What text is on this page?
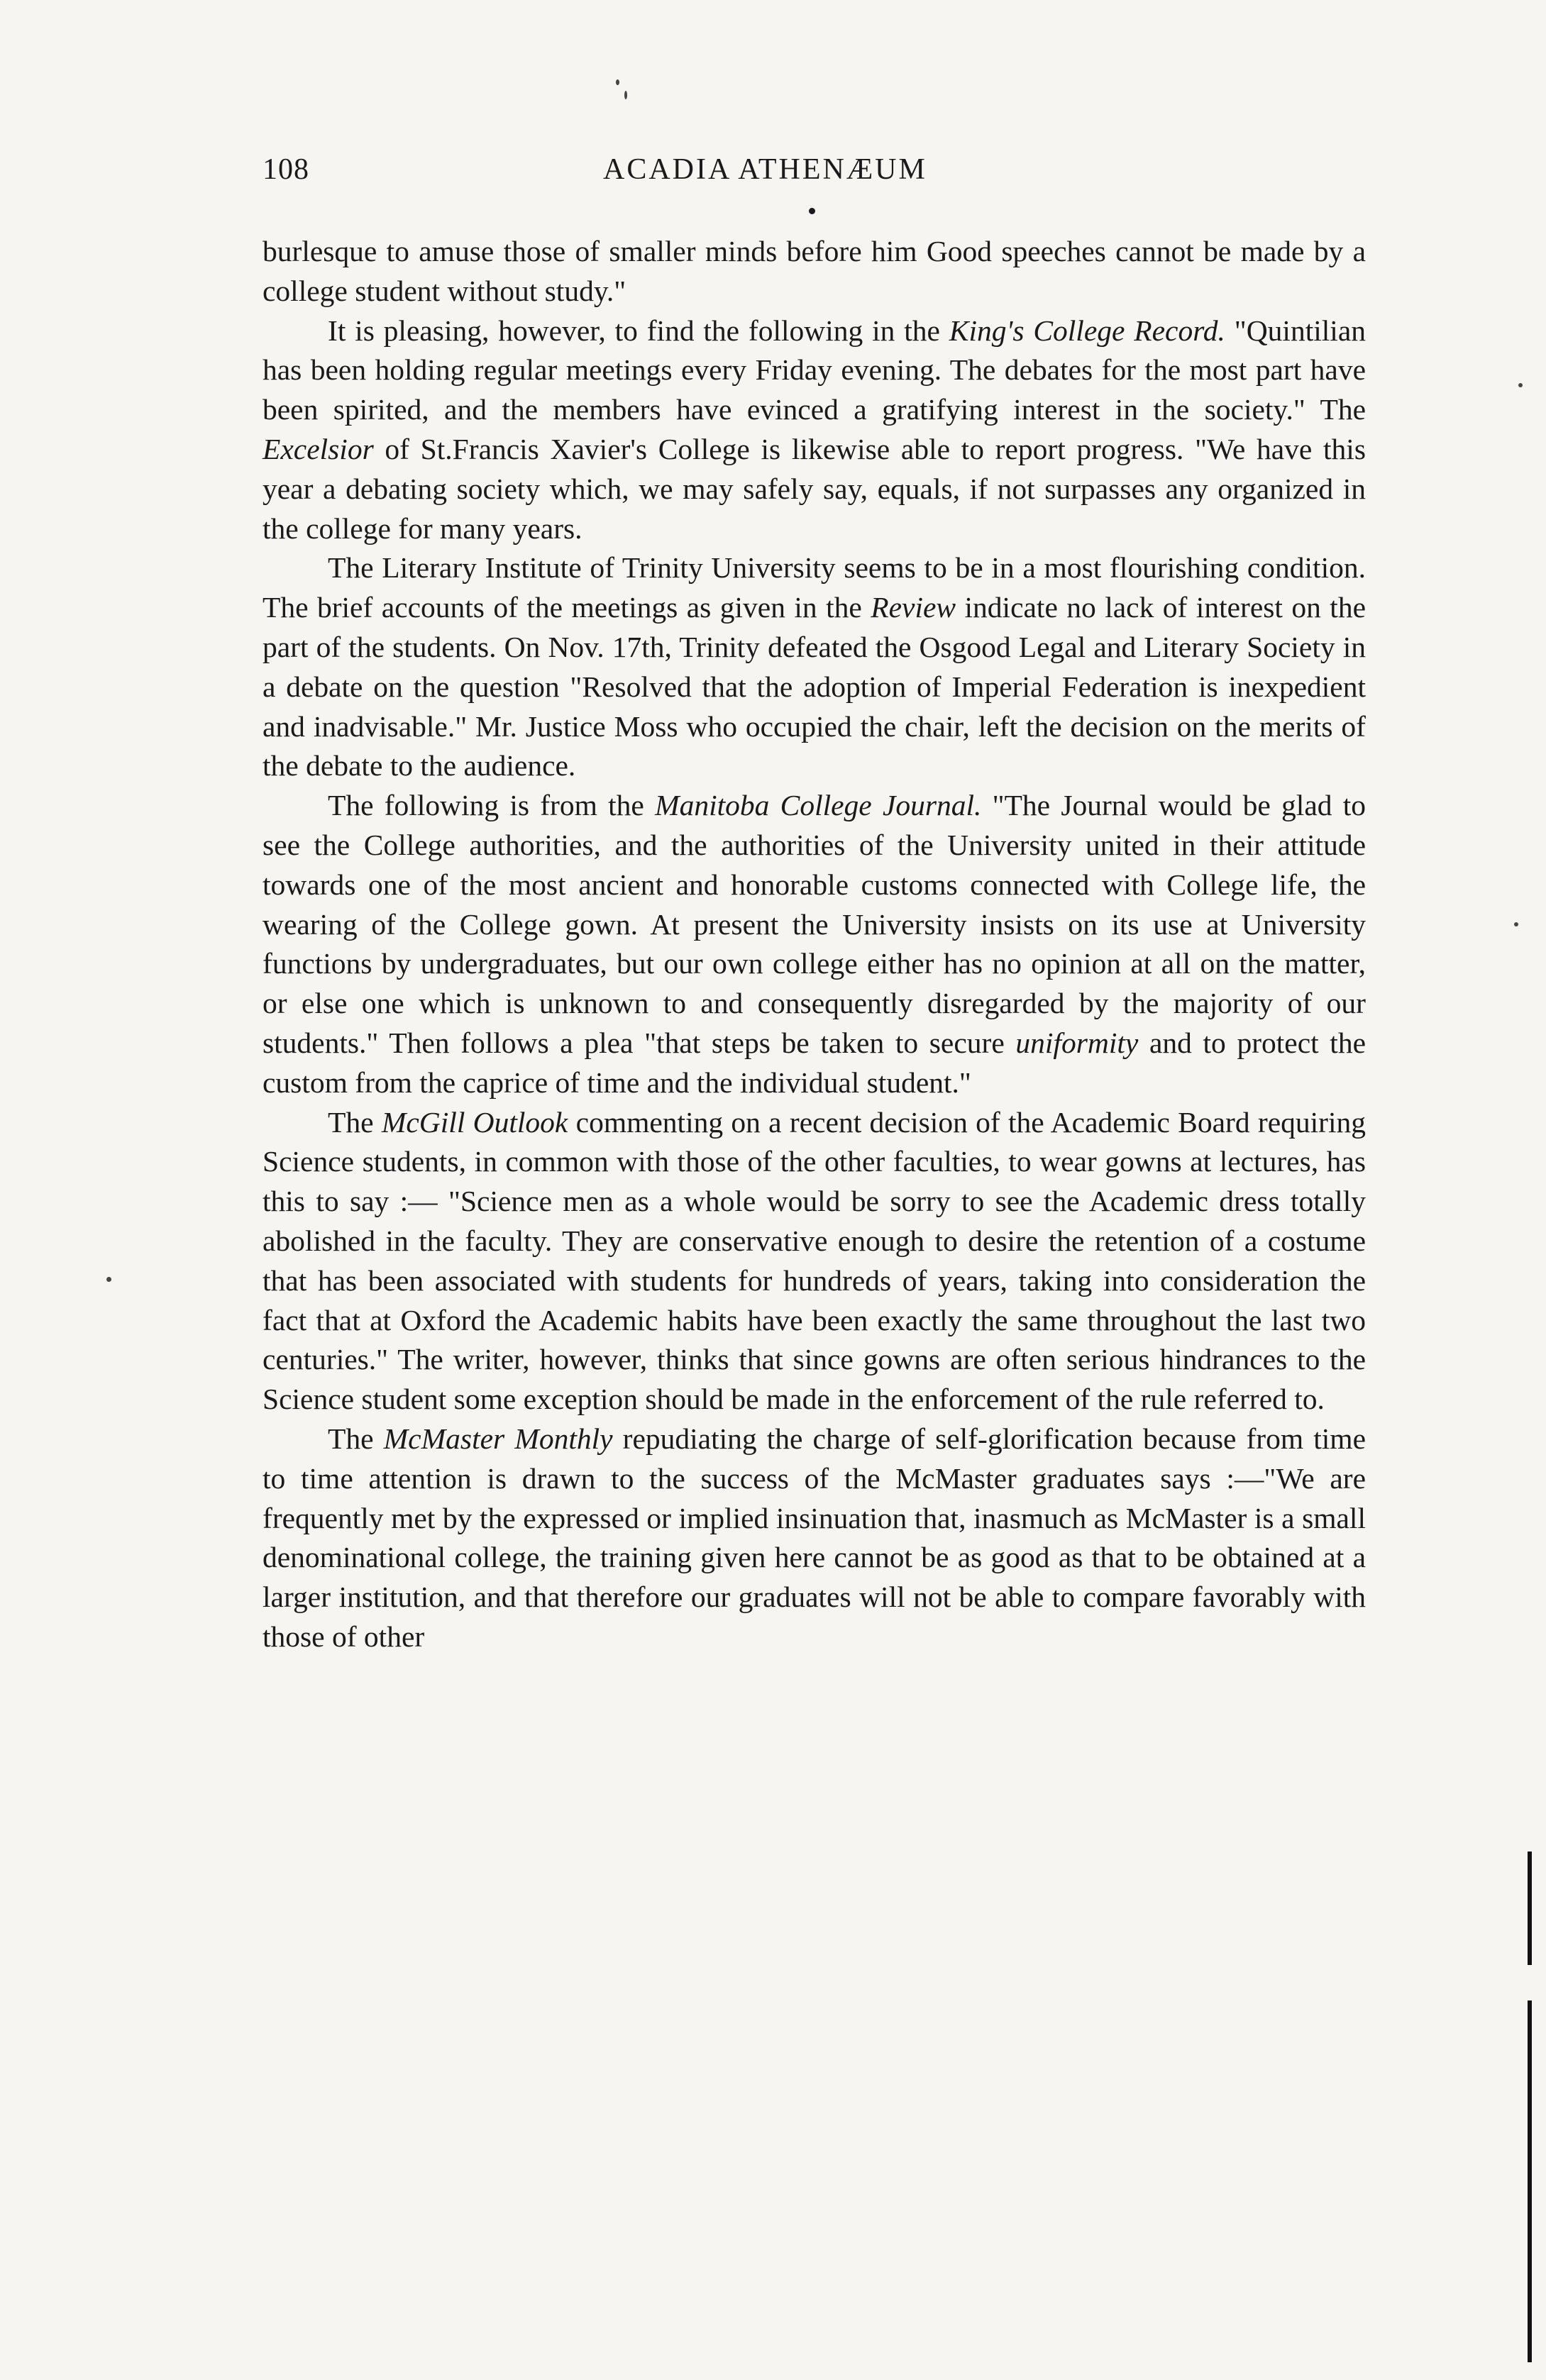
108	ACADIA ATHENÆUM

burlesque to amuse those of smaller minds before him Good speeches cannot be made by a college student without study."

It is pleasing, however, to find the following in the King's College Record. "Quintilian has been holding regular meetings every Friday evening. The debates for the most part have been spirited, and the members have evinced a gratifying interest in the society." The Excelsior of St.Francis Xavier's College is likewise able to report progress. "We have this year a debating society which, we may safely say, equals, if not surpasses any organized in the college for many years.

The Literary Institute of Trinity University seems to be in a most flourishing condition. The brief accounts of the meetings as given in the Review indicate no lack of interest on the part of the students. On Nov. 17th, Trinity defeated the Osgood Legal and Literary Society in a debate on the question "Resolved that the adoption of Imperial Federation is inexpedient and inadvisable." Mr. Justice Moss who occupied the chair, left the decision on the merits of the debate to the audience.

The following is from the Manitoba College Journal. "The Journal would be glad to see the College authorities, and the authorities of the University united in their attitude towards one of the most ancient and honorable customs connected with College life, the wearing of the College gown. At present the University insists on its use at University functions by undergraduates, but our own college either has no opinion at all on the matter, or else one which is unknown to and consequently disregarded by the majority of our students." Then follows a plea "that steps be taken to secure uniformity and to protect the custom from the caprice of time and the individual student."

The McGill Outlook commenting on a recent decision of the Academic Board requiring Science students, in common with those of the other faculties, to wear gowns at lectures, has this to say :— "Science men as a whole would be sorry to see the Academic dress totally abolished in the faculty. They are conservative enough to desire the retention of a costume that has been associated with students for hundreds of years, taking into consideration the fact that at Oxford the Academic habits have been exactly the same throughout the last two centuries." The writer, however, thinks that since gowns are often serious hindrances to the Science student some exception should be made in the enforcement of the rule referred to.

The McMaster Monthly repudiating the charge of self-glorification because from time to time attention is drawn to the success of the McMaster graduates says :—"We are frequently met by the expressed or implied insinuation that, inasmuch as McMaster is a small denominational college, the training given here cannot be as good as that to be obtained at a larger institution, and that therefore our graduates will not be able to compare favorably with those of other
